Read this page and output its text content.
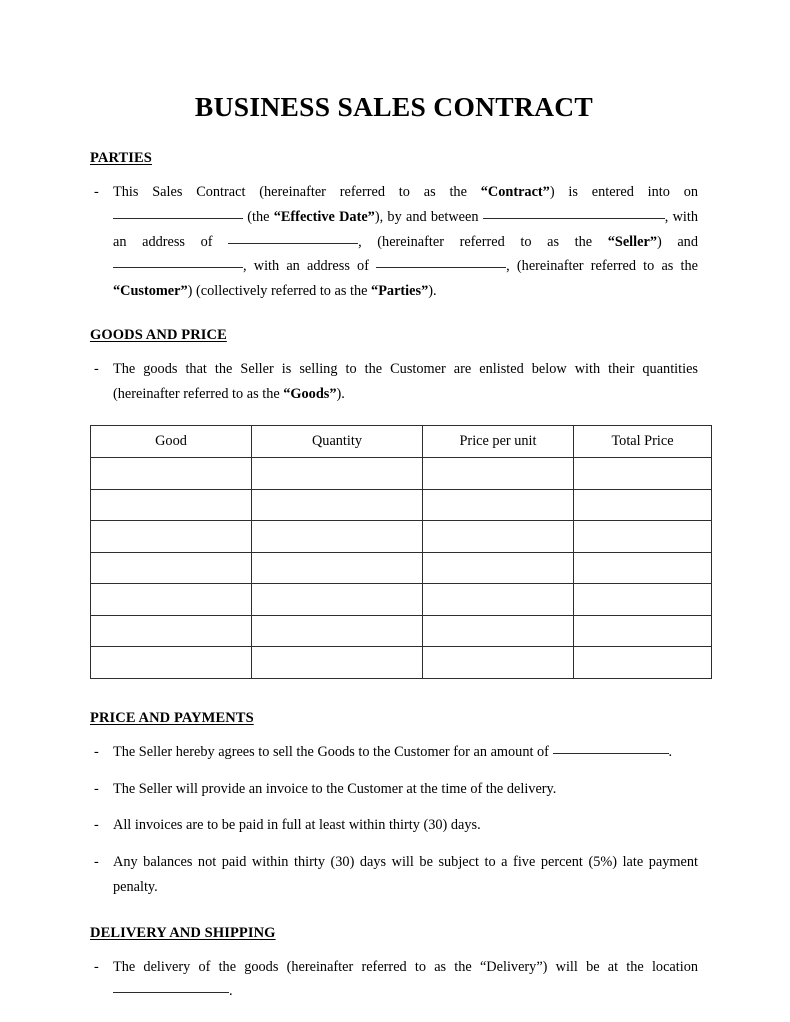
BUSINESS SALES CONTRACT
PARTIES

- This Sales Contract (hereinafter referred to as the “Contract”) is entered into on  (the “Effective Date”), by and between	, with an address of	, (hereinafter referred to as the “Seller”) and , with an address of	, (hereinafter referred to as the “Customer”) (collectively referred to as the “Parties”).

GOODS AND PRICE

- The goods that the Seller is selling to the Customer are enlisted below with their quantities (hereinafter referred to as the “Goods”).

Good	Quantity	Price per unit	Total Price

PRICE AND PAYMENTS

- The Seller hereby agrees to sell the Goods to the Customer for an amount of	.

- The Seller will provide an invoice to the Customer at the time of the delivery.

- All invoices are to be paid in full at least within thirty (30) days.

- Any balances not paid within thirty (30) days will be subject to a five percent (5%) late payment penalty.

DELIVERY AND SHIPPING

- The delivery of the goods (hereinafter referred to as the “Delivery”) will be at the location .
